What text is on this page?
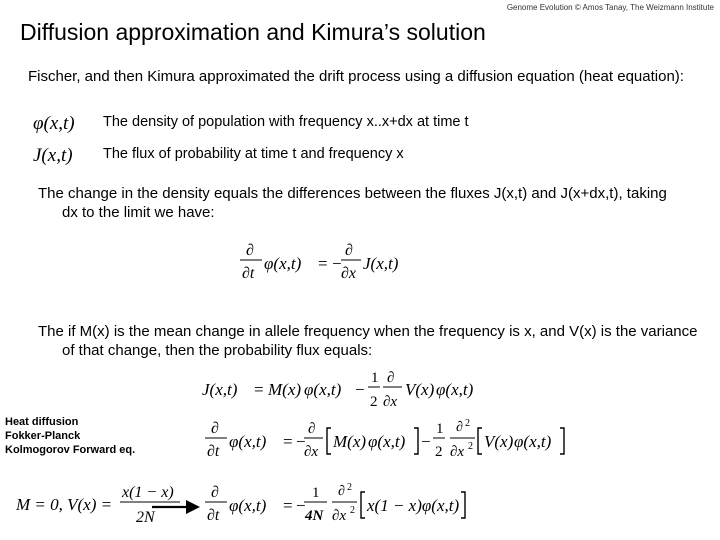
Genome Evolution © Amos Tanay, The Weizmann Institute
Diffusion approximation and Kimura’s solution
Fischer, and then Kimura approximated the drift process using a diffusion equation (heat equation):
φ(x,t) The density of population with frequency x..x+dx at time t
J(x,t) The flux of probability at time t and frequency x
The change in the density equals the differences between the fluxes J(x,t) and J(x+dx,t), taking dx to the limit we have:
∂
∂t
φ(x,t) = −
∂
∂x
J(x,t)
The if M(x) is the mean change in allele frequency when the frequency is x, and V(x) is the variance of that change, then the probability flux equals:
J(x,t) = M(x) φ(x,t) −
1
2
∂
∂x
V(x) φ(x,t)
Heat diffusion
Fokker-Planck
Kolmogorov Forward eq.
∂
∂t
φ(x,t) = −
∂
∂x
M(x) φ(x,t) −
1
2
∂ 2
∂x 2 V(x) φ(x,t)
M = 0, V(x) =
x(1 − x)
2N
∂
∂t
φ(x,t) = −
1
4N
∂ 2
∂x 2 x(1 − x)φ(x,t)
